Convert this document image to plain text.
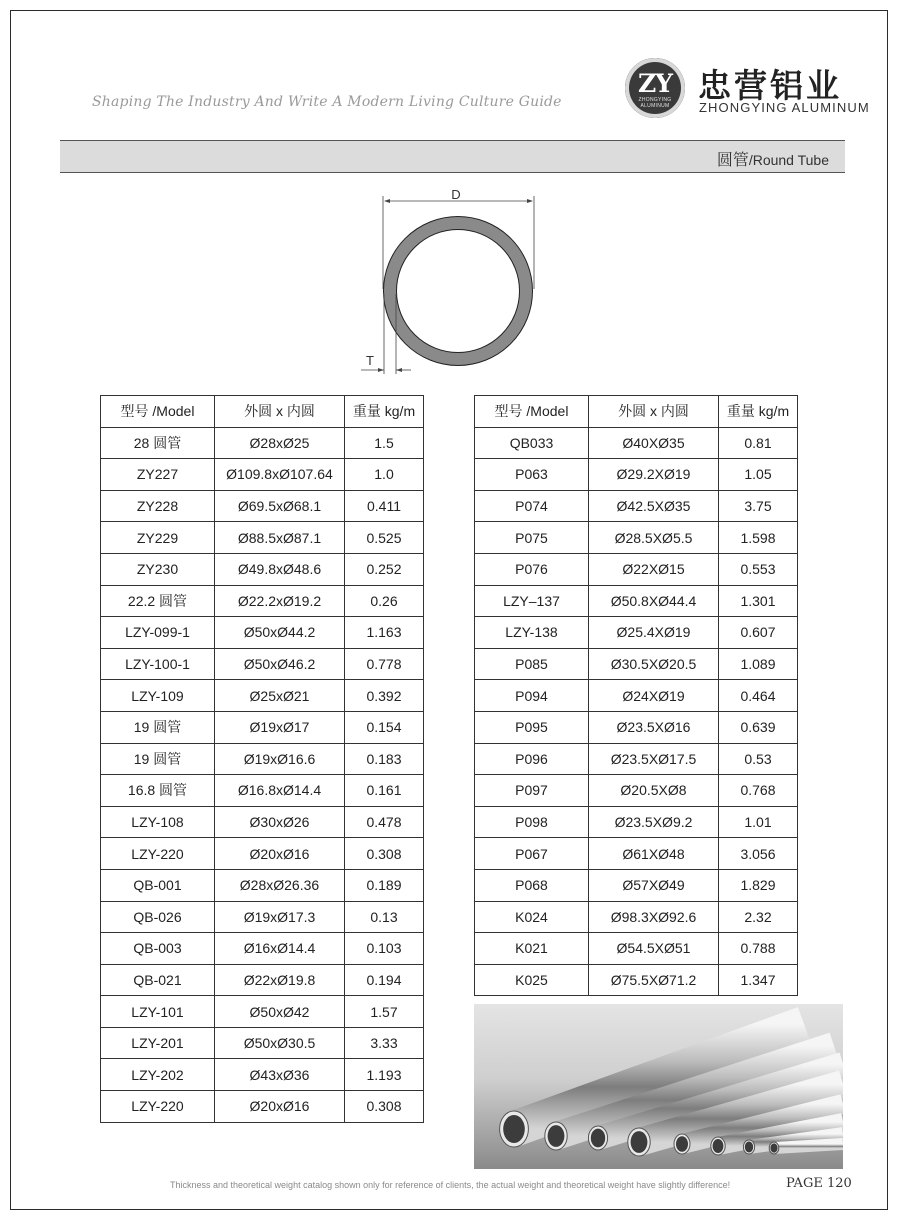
Shaping The Industry And Write A Modern Living Culture Guide
ZY
ZHONGYING ALUMINUM
忠营铝业
ZHONGYING ALUMINUM
圆管/Round Tube
D
T
型号 /Model	外圆 x 内圆	重量 kg/m
28 圆管	Ø28xØ25	1.5
ZY227	Ø109.8xØ107.64	1.0
ZY228	Ø69.5xØ68.1	0.411
ZY229	Ø88.5xØ87.1	0.525
ZY230	Ø49.8xØ48.6	0.252
22.2 圆管	Ø22.2xØ19.2	0.26
LZY-099-1	Ø50xØ44.2	1.163
LZY-100-1	Ø50xØ46.2	0.778
LZY-109	Ø25xØ21	0.392
19 圆管	Ø19xØ17	0.154
19 圆管	Ø19xØ16.6	0.183
16.8 圆管	Ø16.8xØ14.4	0.161
LZY-108	Ø30xØ26	0.478
LZY-220	Ø20xØ16	0.308
QB-001	Ø28xØ26.36	0.189
QB-026	Ø19xØ17.3	0.13
QB-003	Ø16xØ14.4	0.103
QB-021	Ø22xØ19.8	0.194
LZY-101	Ø50xØ42	1.57
LZY-201	Ø50xØ30.5	3.33
LZY-202	Ø43xØ36	1.193
LZY-220	Ø20xØ16	0.308
型号 /Model	外圆 x 内圆	重量 kg/m
QB033	Ø40XØ35	0.81
P063	Ø29.2XØ19	1.05
P074	Ø42.5XØ35	3.75
P075	Ø28.5XØ5.5	1.598
P076	Ø22XØ15	0.553
LZY–137	Ø50.8XØ44.4	1.301
LZY-138	Ø25.4XØ19	0.607
P085	Ø30.5XØ20.5	1.089
P094	Ø24XØ19	0.464
P095	Ø23.5XØ16	0.639
P096	Ø23.5XØ17.5	0.53
P097	Ø20.5XØ8	0.768
P098	Ø23.5XØ9.2	1.01
P067	Ø61XØ48	3.056
P068	Ø57XØ49	1.829
K024	Ø98.3XØ92.6	2.32
K021	Ø54.5XØ51	0.788
K025	Ø75.5XØ71.2	1.347
Thickness and theoretical weight catalog shown only for reference of clients, the actual weight and theoretical weight have slightly difference!	PAGE 120
